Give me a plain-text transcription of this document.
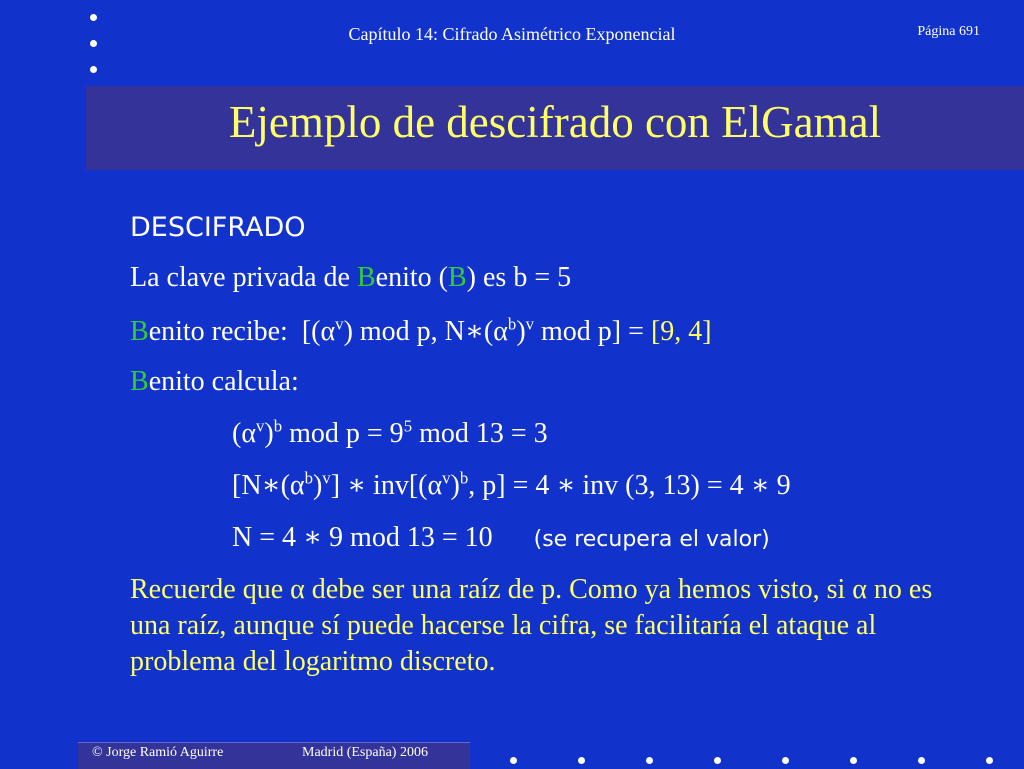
Capítulo 14: Cifrado Asimétrico Exponencial	Página 691
Ejemplo de descifrado con ElGamal
DESCIFRADO
La clave privada de Benito (B) es b = 5
Benito recibe:  [$(\alpha^v)$ mod p, $N∗(\alpha^b)^v$ mod p] = [9, 4]
Benito calcula:
$(\alpha^v)^b$ mod $p = 9^5$ mod 13 = 3
$[N∗(\alpha^b)^v]$ ∗ $inv[(\alpha^v)^b$, p] = 4 ∗ inv (3, 13) = 4 ∗ 9
N = 4 ∗ 9 mod 13 = 10 (se recupera el valor)
Recuerde que α debe ser una raíz de p. Como ya hemos visto, si α no es una raíz, aunque sí puede hacerse la cifra, se facilitaría el ataque al problema del logaritmo discreto.
© Jorge Ramió Aguirre	Madrid (España) 2006
